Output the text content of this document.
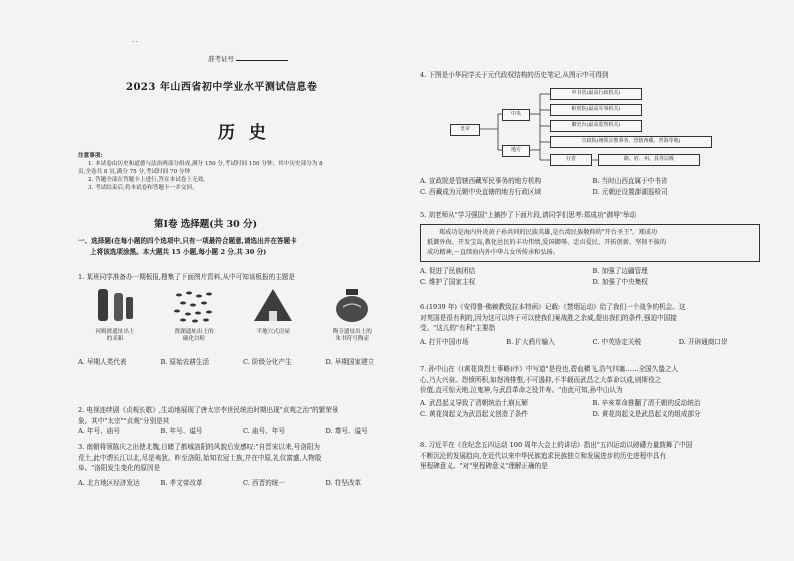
- -
准考证号
2023 年山西省初中学业水平测试信息卷
历 史
注意事项:
1. 本试卷由历史和道德与法治两部分组成,满分 150 分,考试时间 150 分钟。其中历史部分为 8
页,全卷共 8 页,满分 75 分,考试时间 70 分钟
2. 答题全部在答题卡上进行,答在本试卷上无效。
3. 考试结束后,将本试卷和答题卡一并交回。
第Ⅰ卷 选择题(共 30 分)

一、选择题(在每小题的四个选项中,只有一项最符合题意,请选出并在答题卡

上将该选项涂黑。本大题共 15 小题,每小题 2 分,共 30 分)

1. 某班同学准备办一期板报,搜集了下面图片资料,从中可知该板报的主题是

河姆渡遗址出土
的耒耜

贾湖遗址出土的
碳化谷粒

半地穴式房屋
	陶寺遗址出土的
朱书符号陶壶
A. 早期人类代表	B. 原始农耕生活	C. 阶级分化产生	D. 早期国家建立

2. 电视连续剧《贞观长歌》,生动地展现了唐太宗李世民统治时期出现"贞观之治"的繁荣景

象。其中"太宗""贞观"分别是其

A. 年号、庙号	B. 年号、谥号	C. 庙号、年号	D. 尊号、谥号

3. 南朝将领陈庆之出使北魏,目睹了都城洛阳的风貌后发感叹:"自晋宋以来,号洛阳为

荒土,此中谓长江以北,尽是夷狄。昨至洛阳,始知衣冠士族,并在中原,礼仪富盛,人物殷

阜。"洛阳发生变化的原因是

A. 北方地区经济发达	B. 孝文帝改革	C. 西晋的统一	D. 符坚改革

4. 下图是小华同学关于元代政权结构的历史笔记,从图示中可得到

皇帝
中央
地方
中书省(最高行政机关)
枢密院(最高军事机关)
御史台(最高监察机关)
宣政院(统领宗教事务、管辖西藏、青海等地)
行省	路、府、州、县等层级
A. 宣政院是管辖西藏军民事务的地方机构	B. 当时山西直属于中书省
C. 西藏成为元朝中央直辖的地方行政区域	D. 元朝还设置澎湖巡检司

5. 刘老师从"学习强国"上摘抄了下面片段,请同学们思考:郑成功"御辱"举动

郑成功是海内外炎黄子孙共同的民族英雄,是台湾民族敬仰的"开台圣王"。郑成功
抵御外侮、开发宝岛,教化邑民的丰功伟绩,爱国御辱、忠贞爱民、开拓创新、坚韧不拔的
成功精神,一直续海内外中华儿女所传承和弘扬。
A. 促进了民族团结	B. 加强了边疆管理
C. 维护了国家主权	D. 加强了中央集权

6.(1939 年)《安得鲁·佛赖教致拉本特函》记载:《禁烟运动》给了我们一个战争的机会。这

对英国是很有利的,因为这可以终于可以使我们案战胜之余威,提出我们的条件,强迫中国接

受。"这儿的"有利"主要指

A. 打开中国市场	B. 扩大鸦片输入	C. 中英协定关税	D. 开辟通商口岸

7. 孙中山在《(黄花岗烈士事略)序》中写道"是役也,碧血横飞,浩气四塞……全国久蛰之人

心,乃大兴奋。怨愤所积,如怒涛排壑,不可遏抑,不半载而武昌之大革命以成,则斯役之

价值,直可惊天地,泣鬼神,与武昌革命之役并寿。"由此可知,孙中山认为

A. 武昌起义导致了清朝统治土崩瓦解	B. 辛亥革命推翻了清王朝的反动统治
C. 黄花岗起义为武昌起义创造了条件	D. 黄花岗起义是武昌起义的组成部分

8. 习近平在《在纪念五四运动 100 周年大会上的讲话》指出"五四运动以磅礴力量鼓舞了中国

不断沉沦的发展趋向,在近代以来中华民族追求民族独立和发展进步的历史进程中具有

里程碑意义。"对"里程碑意义"理解正确的是
